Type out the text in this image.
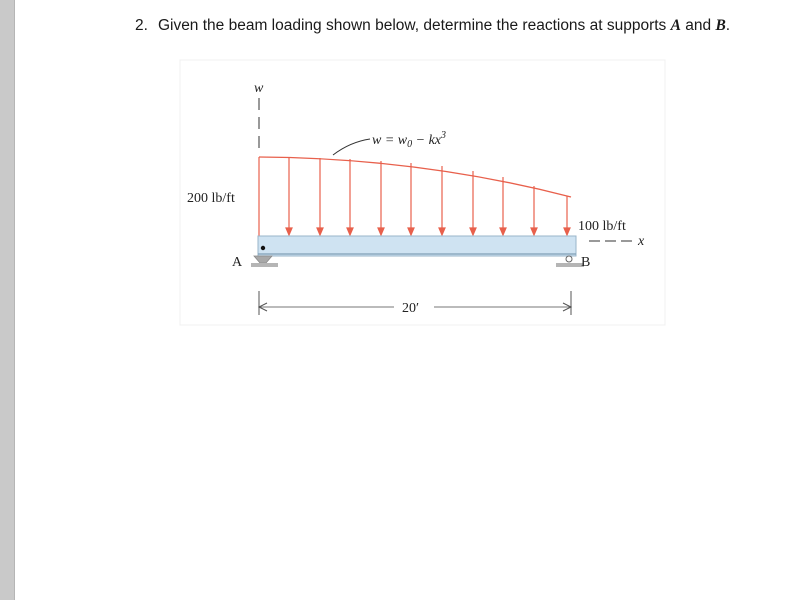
2. Given the beam loading shown below, determine the reactions at supports A and B.
w
$w = w_0 - kx^3$
200 lb/ft
100 lb/ft
x
A	B
20′
